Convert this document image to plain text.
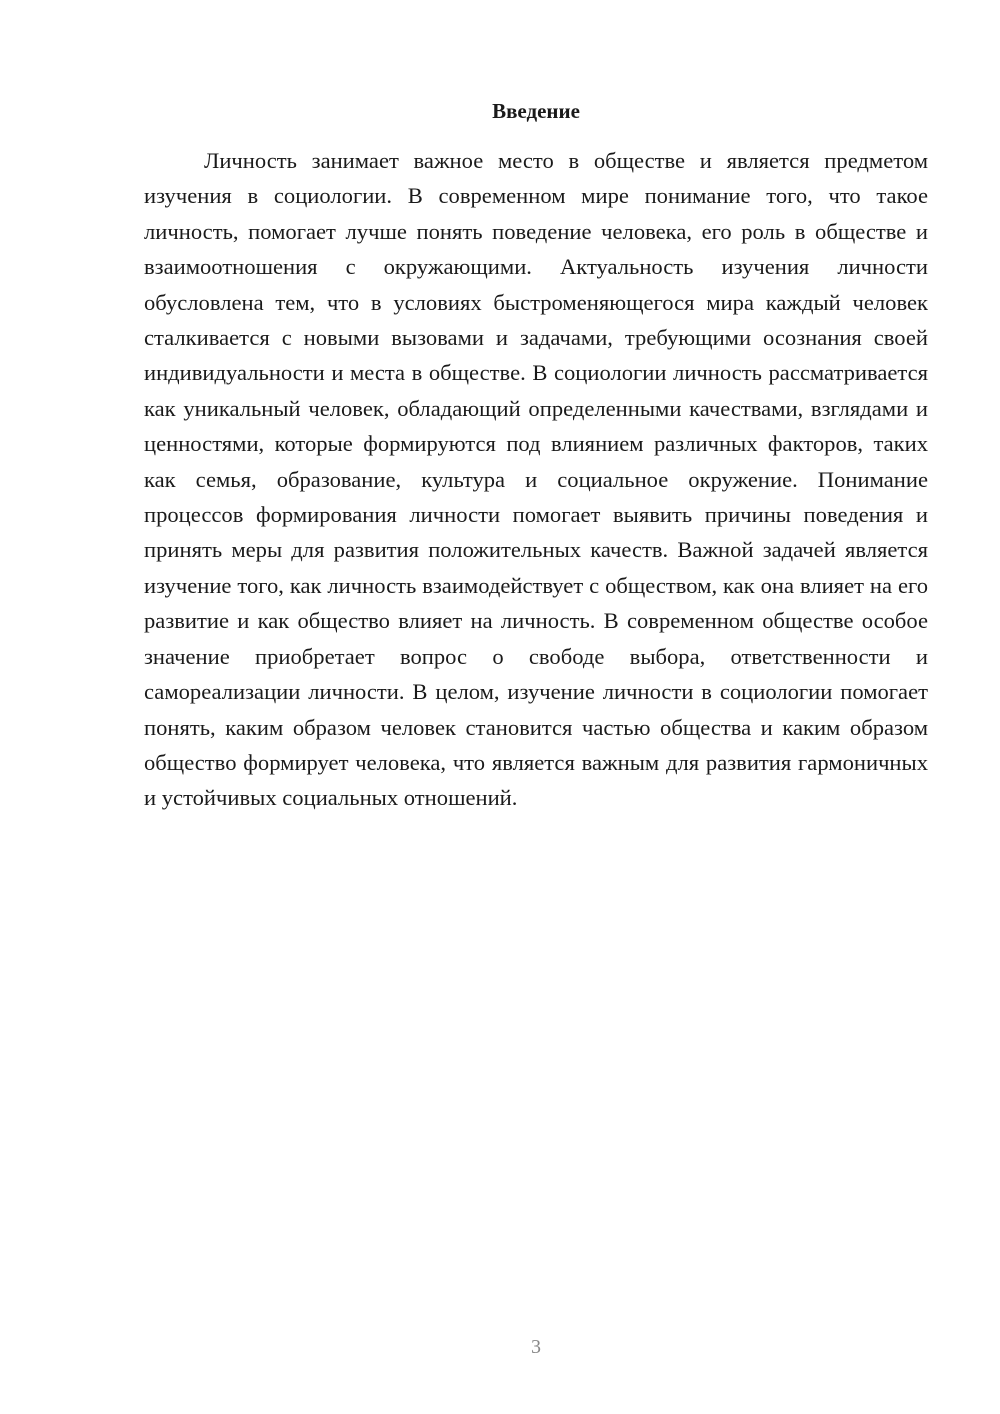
Введение

Личность занимает важное место в обществе и является предметом изучения в социологии. В современном мире понимание того, что такое личность, помогает лучше понять поведение человека, его роль в обществе и взаимоотношения с окружающими. Актуальность изучения личности обусловлена тем, что в условиях быстроменяющегося мира каждый человек сталкивается с новыми вызовами и задачами, требующими осознания своей индивидуальности и места в обществе. В социологии личность рассматривается как уникальный человек, обладающий определенными качествами, взглядами и ценностями, которые формируются под влиянием различных факторов, таких как семья, образование, культура и социальное окружение. Понимание процессов формирования личности помогает выявить причины поведения и принять меры для развития положительных качеств. Важной задачей является изучение того, как личность взаимодействует с обществом, как она влияет на его развитие и как общество влияет на личность. В современном обществе особое значение приобретает вопрос о свободе выбора, ответственности и самореализации личности. В целом, изучение личности в социологии помогает понять, каким образом человек становится частью общества и каким образом общество формирует человека, что является важным для развития гармоничных и устойчивых социальных отношений.

3
